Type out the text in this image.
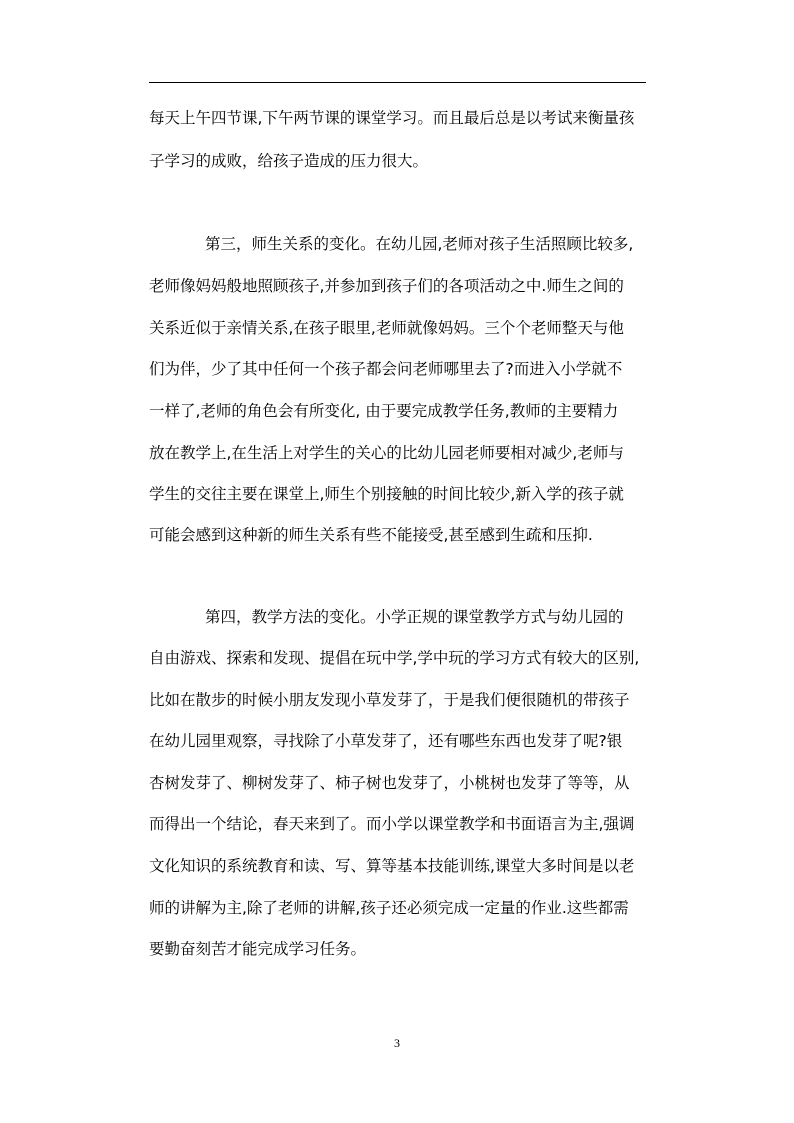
每天上午四节课,下午两节课的课堂学习。而且最后总是以考试来衡量孩
子学习的成败，给孩子造成的压力很大。
第三，师生关系的变化。在幼儿园,老师对孩子生活照顾比较多,
老师像妈妈般地照顾孩子,并参加到孩子们的各项活动之中.师生之间的
关系近似于亲情关系,在孩子眼里,老师就像妈妈。三个个老师整天与他
们为伴，少了其中任何一个孩子都会问老师哪里去了?而进入小学就不
一样了,老师的角色会有所变化, 由于要完成教学任务,教师的主要精力
放在教学上,在生活上对学生的关心的比幼儿园老师要相对减少,老师与
学生的交往主要在课堂上,师生个别接触的时间比较少,新入学的孩子就
可能会感到这种新的师生关系有些不能接受,甚至感到生疏和压抑.
第四，教学方法的变化。小学正规的课堂教学方式与幼儿园的
自由游戏、探索和发现、提倡在玩中学,学中玩的学习方式有较大的区别,
比如在散步的时候小朋友发现小草发芽了，于是我们便很随机的带孩子
在幼儿园里观察，寻找除了小草发芽了，还有哪些东西也发芽了呢?银
杏树发芽了、柳树发芽了、柿子树也发芽了，小桃树也发芽了等等，从
而得出一个结论，春天来到了。而小学以课堂教学和书面语言为主,强调
文化知识的系统教育和读、写、算等基本技能训练,课堂大多时间是以老
师的讲解为主,除了老师的讲解,孩子还必须完成一定量的作业.这些都需
要勤奋刻苦才能完成学习任务。
3
